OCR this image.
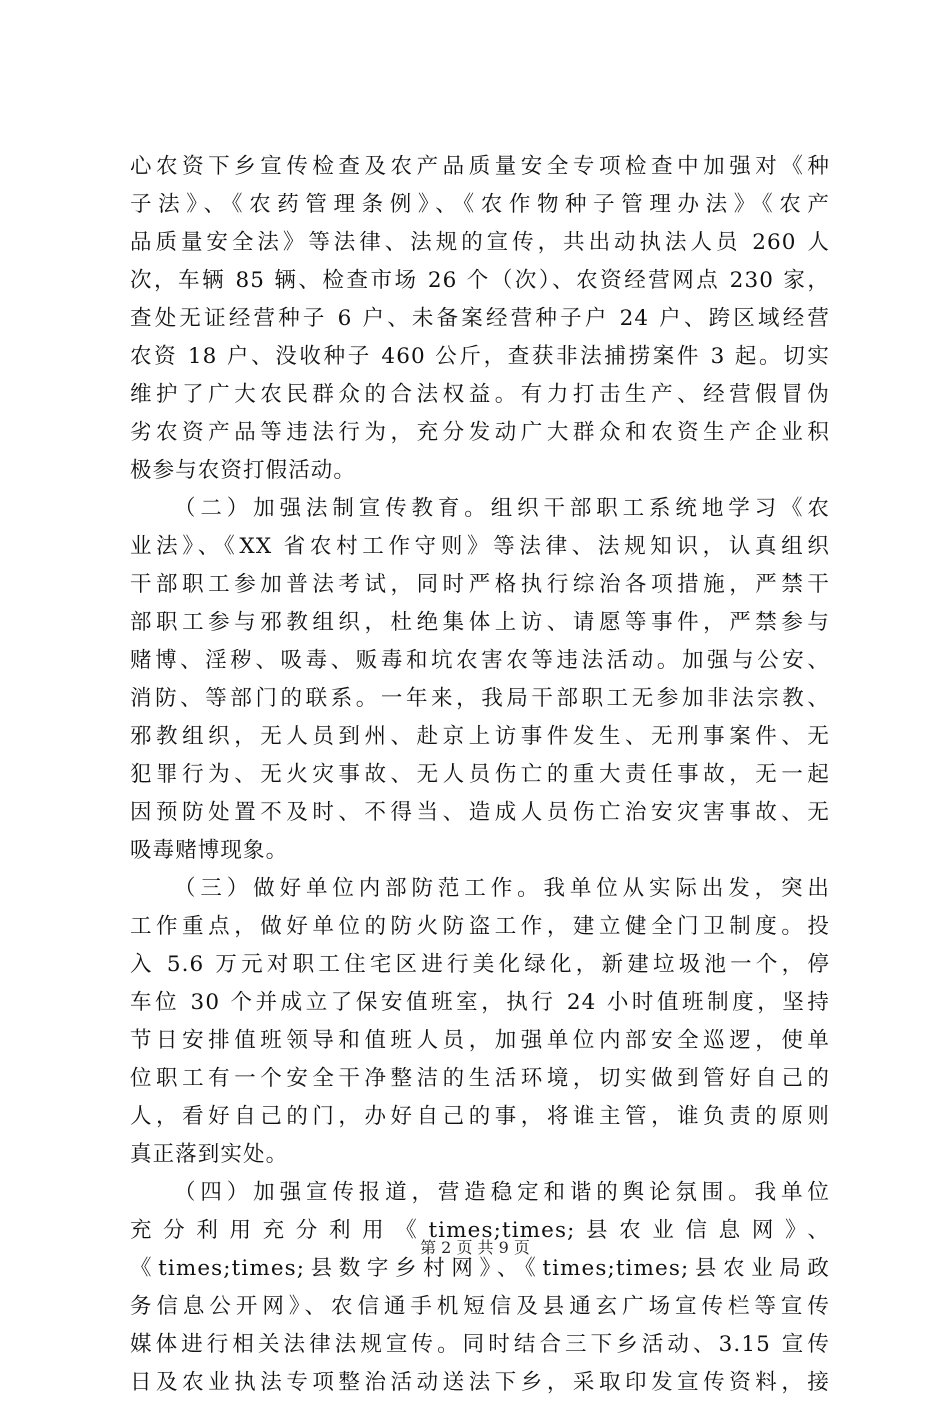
心农资下乡宣传检查及农产品质量安全专项检查中加强对《种
子法》、《农药管理条例》、《农作物种子管理办法》《农产
品质量安全法》等法律、法规的宣传，共出动执法人员 260 人
次，车辆 85 辆、检查市场 26 个（次）、农资经营网点 230 家，
查处无证经营种子 6 户、未备案经营种子户 24 户、跨区域经营
农资 18 户、没收种子 460 公斤，查获非法捕捞案件 3 起。切实
维护了广大农民群众的合法权益。有力打击生产、经营假冒伪
劣农资产品等违法行为，充分发动广大群众和农资生产企业积
极参与农资打假活动。
（二）加强法制宣传教育。组织干部职工系统地学习《农
业法》、《XX 省农村工作守则》等法律、法规知识，认真组织
干部职工参加普法考试，同时严格执行综治各项措施，严禁干
部职工参与邪教组织，杜绝集体上访、请愿等事件，严禁参与
赌博、淫秽、吸毒、贩毒和坑农害农等违法活动。加强与公安、
消防、等部门的联系。一年来，我局干部职工无参加非法宗教、
邪教组织，无人员到州、赴京上访事件发生、无刑事案件、无
犯罪行为、无火灾事故、无人员伤亡的重大责任事故，无一起
因预防处置不及时、不得当、造成人员伤亡治安灾害事故、无
吸毒赌博现象。
（三）做好单位内部防范工作。我单位从实际出发，突出
工作重点，做好单位的防火防盗工作，建立健全门卫制度。投
入 5.6 万元对职工住宅区进行美化绿化，新建垃圾池一个，停
车位 30 个并成立了保安值班室，执行 24 小时值班制度，坚持
节日安排值班领导和值班人员，加强单位内部安全巡逻，使单
位职工有一个安全干净整洁的生活环境，切实做到管好自己的
人，看好自己的门，办好自己的事，将谁主管，谁负责的原则
真正落到实处。
（四）加强宣传报道，营造稳定和谐的舆论氛围。我单位
充分利用充分利用《times;times;县农业信息网》、
《times;times;县数字乡村网》、《times;times;县农业局政
务信息公开网》、农信通手机短信及县通玄广场宣传栏等宣传
媒体进行相关法律法规宣传。同时结合三下乡活动、3.15 宣传
日及农业执法专项整治活动送法下乡，采取印发宣传资料，接
第 2 页 共 9 页
